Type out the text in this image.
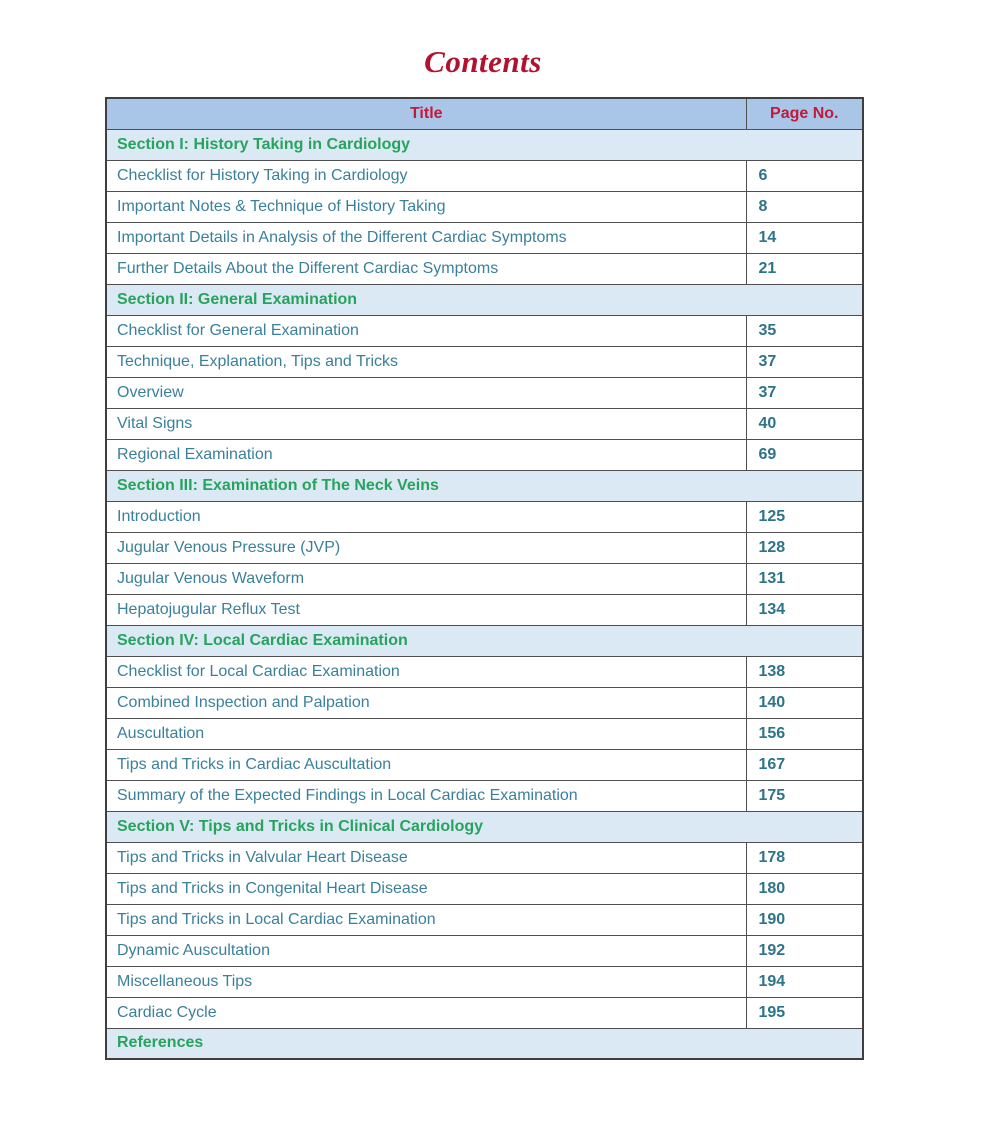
Contents
Title	Page No.
Section I: History Taking in Cardiology	
Checklist for History Taking in Cardiology	6
Important Notes & Technique of History Taking	8
Important Details in Analysis of the Different Cardiac Symptoms	14
Further Details About the Different Cardiac Symptoms	21
Section II: General Examination	
Checklist for General Examination	35
Technique, Explanation, Tips and Tricks	37
Overview	37
Vital Signs	40
Regional Examination	69
Section III: Examination of The Neck Veins	
Introduction	125
Jugular Venous Pressure (JVP)	128
Jugular Venous Waveform	131
Hepatojugular Reflux Test	134
Section IV: Local Cardiac Examination	
Checklist for Local Cardiac Examination	138
Combined Inspection and Palpation	140
Auscultation	156
Tips and Tricks in Cardiac Auscultation	167
Summary of the Expected Findings in Local Cardiac Examination	175
Section V: Tips and Tricks in Clinical Cardiology	
Tips and Tricks in Valvular Heart Disease	178
Tips and Tricks in Congenital Heart Disease	180
Tips and Tricks in Local Cardiac Examination	190
Dynamic Auscultation	192
Miscellaneous Tips	194
Cardiac Cycle	195
References	
